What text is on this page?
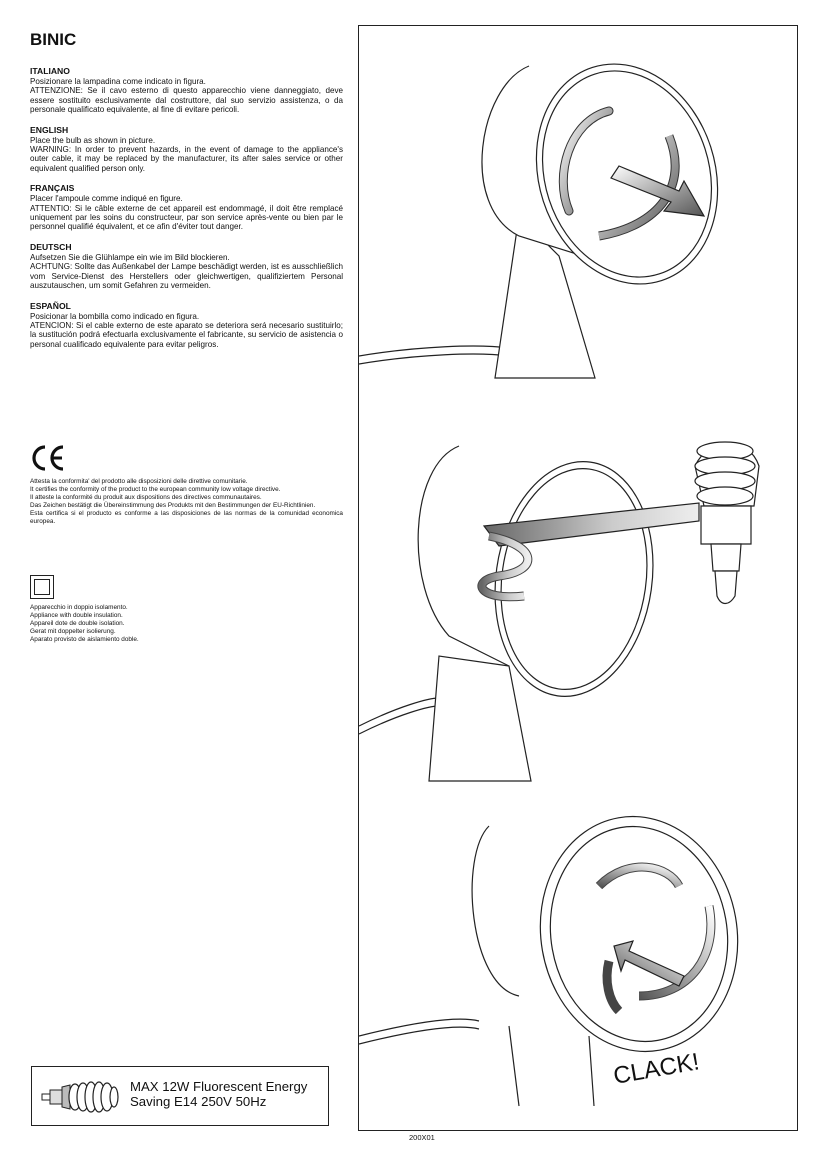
BINIC
ITALIANO

Posizionare la lampadina come indicato in figura.
ATTENZIONE: Se il cavo esterno di questo apparecchio viene danneggiato, deve essere sostituito esclusivamente dal costruttore, dal suo servizio assistenza, o da personale qualificato equivalente, al fine di evitare pericoli.

ENGLISH

Place the bulb as shown in picture.
WARNING: In order to prevent hazards, in the event of damage to the appliance's outer cable, it may be replaced by the manufacturer, its after sales service or other equivalent qualified person only.

FRANÇAIS

Placer l'ampoule comme indiqué en figure.
ATTENTIO: Si le câble externe de cet appareil est endommagé, il doit être remplacé uniquement par les soins du constructeur, par son service après-vente ou bien par le personnel qualifié équivalent, et ce afin d'éviter tout danger.

DEUTSCH

Aufsetzen Sie die Glühlampe ein wie im Bild blockieren.
ACHTUNG: Sollte das Außenkabel der Lampe beschädigt werden, ist es ausschließlich vom Service-Dienst des Herstellers oder gleichwertigen, qualifiziertem Personal auszutauschen, um somit Gefahren zu vermeiden.

ESPAÑOL

Posicionar la bombilla como indicado en figura.
ATENCION: Si el cable externo de este aparato se deteriora será necesario sustituirlo; la sustitución podrá efectuarla exclusivamente el fabricante, su servicio de asistencia o personal cualificado equivalente para evitar peligros.

Attesta la conformita' del prodotto alle disposizioni delle direttive comunitarie.
It certifies the conformity of the product to the european community low voltage directive.
Il atteste la conformité du produit aux dispositions des directives communautaires.
Das Zeichen bestätigt die Übereinstimmung des Produkts mit den Bestimmungen der EU-Richtlinien.
Esta certifica si el producto es conforme a las disposiciones de las normas de la comunidad economica europea.

Apparecchio in doppio isolamento.
Appliance with double insulation.
Appareil dote de double isolation.
Gerat mit doppelter isolierung.
Aparato provisto de aislamiento doble.

MAX 12W Fluorescent Energy
Saving E14 250V 50Hz
CLACK!
200X01
